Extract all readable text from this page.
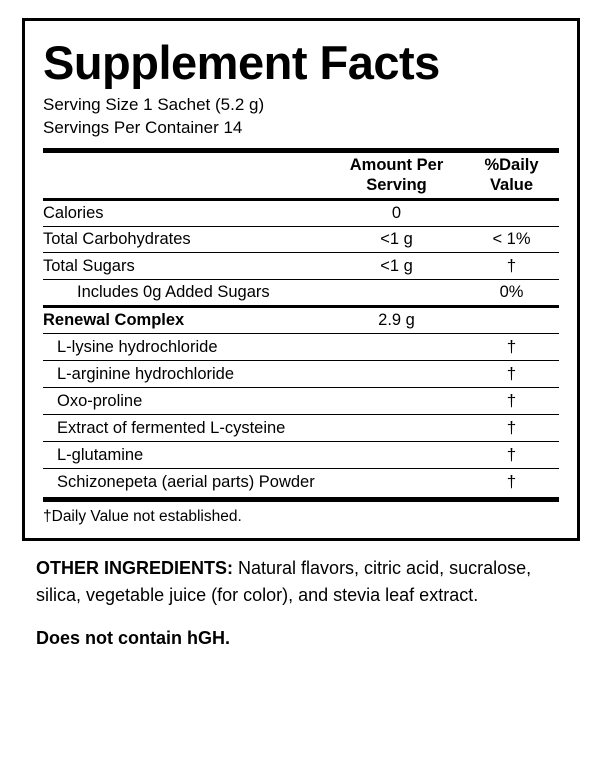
Supplement Facts
Serving Size 1 Sachet (5.2 g)
Servings Per Container 14

Amount Per
Serving

%Daily
Value

Calories	0	
Total Carbohydrates	<1 g	< 1%
Total Sugars	<1 g	†
Includes 0g Added Sugars		0%
Renewal Complex	2.9 g	
L-lysine hydrochloride		†
L-arginine hydrochloride		†
Oxo-proline		†
Extract of fermented L-cysteine		†
L-glutamine		†
Schizonepeta (aerial parts) Powder		†
†Daily Value not established.
OTHER INGREDIENTS: Natural flavors, citric acid, sucralose, silica, vegetable juice (for color), and stevia leaf extract.
Does not contain hGH.
